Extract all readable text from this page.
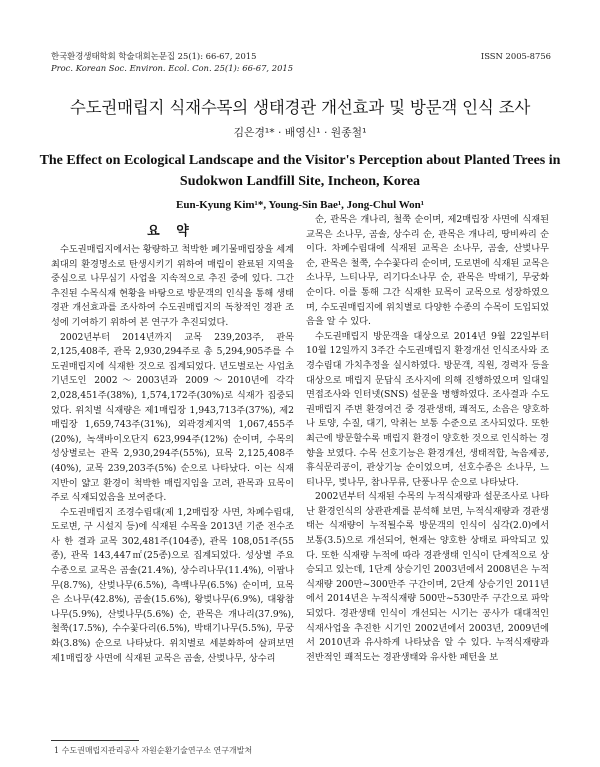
한국환경생태학회 학술대회논문집 25(1): 66-67, 2015	ISSN 2005-8756
Proc. Korean Soc. Environ. Ecol. Con. 25(1): 66-67, 2015
수도권매립지 식재수목의 생태경관 개선효과 및 방문객 인식 조사
김은경¹* · 배영신¹ · 원종철¹
The Effect on Ecological Landscape and the Visitor's Perception about Planted Trees in
Sudokwon Landfill Site, Incheon, Korea
Eun-Kyung Kim¹*, Young-Sin Bae¹, Jong-Chul Won¹
요 약

수도권매립지에서는 황량하고 척박한 폐기물매립장을 세계 최대의 환경명소로 탄생시키기 위하여 매립이 완료된 지역을 중심으로 나무심기 사업을 지속적으로 추진 중에 있다. 그간 추진된 수목식재 현황을 바탕으로 방문객의 인식을 통해 생태경관 개선효과를 조사하여 수도권매립지의 독창적인 경관 조성에 기여하기 위하여 본 연구가 추진되었다.

2002년부터 2014년까지 교목 239,203주, 관목 2,125,408주, 관목 2,930,294주로 총 5,294,905주를 수도권매립지에 식재한 것으로 집계되었다. 년도별로는 사업초기년도인 2002～2003년과 2009～2010년에 각각 2,028,451주(38%), 1,574,172주(30%)로 식재가 집중되었다. 위치별 식재량은 제1매립장 1,943,713주(37%), 제2매립장 1,659,743주(31%), 외곽경계지역 1,067,455주(20%), 녹색바이오단지 623,994주(12%) 순이며, 수목의 성상별로는 관목 2,930,294주(55%), 묘목 2,125,408주(40%), 교목 239,203주(5%) 순으로 나타났다. 이는 식재지반이 얇고 환경이 척박한 매립지임을 고려, 관목과 묘목이 주로 식재되었음을 보여준다.

수도권매립지 조경수림대(제 1,2매립장 사면, 차폐수림대, 도로변, 구 시설지 등)에 식재된 수목을 2013년 기준 전수조사 한 결과 교목 302,481주(104종), 관목 108,051주(55종), 관목 143,447㎡(25종)으로 집계되었다. 성상별 주요 수종으로 교목은 곰솔(21.4%), 상수리나무(11.4%), 이팝나무(8.7%), 산벚나무(6.5%), 측백나무(6.5%) 순이며, 묘목은 소나무(42.8%), 곰솔(15.6%), 왕벚나무(6.9%), 대왕참나무(5.9%), 산벚나무(5.6%) 순, 관목은 개나리(37.9%), 철쭉(17.5%), 수수꽃다리(6.5%), 박태기나무(5.5%), 무궁화(3.8%) 순으로 나타났다. 위치별로 세분화하여 살펴보면 제1매립장 사면에 식재된 교목은 곰솔, 산벚나무, 상수리

순, 관목은 개나리, 철쭉 순이며, 제2매립장 사면에 식재된 교목은 소나무, 곰솔, 상수리 순, 관목은 개나리, 땅비싸리 순이다. 차폐수림대에 식재된 교목은 소나무, 곰솔, 산벚나무 순, 관목은 철쭉, 수수꽃다리 순이며, 도로변에 식재된 교목은 소나무, 느티나무, 리기다소나무 순, 관목은 박태기, 무궁화 순이다. 이를 통해 그간 식재한 묘목이 교목으로 성장하였으며, 수도권매립지에 위치별로 다양한 수종의 수목이 도입되었음을 알 수 있다.

수도권매립지 방문객을 대상으로 2014년 9월 22일부터 10월 12일까지 3주간 수도권매립지 환경개선 인식조사와 조경수림대 가치추정을 실시하였다. 방문객, 직원, 경력자 등을 대상으로 매립지 문답식 조사지에 의해 진행하였으며 일대일 면접조사와 인터넷(SNS) 설문을 병행하였다. 조사결과 수도권매립지 주변 환경여건 중 경관생태, 쾌적도, 소음은 양호하나 토양, 수질, 대기, 악취는 보통 수준으로 조사되었다. 또한 최근에 방문할수록 매립지 환경이 양호한 것으로 인식하는 경향을 보였다. 수목 선호기능은 환경개선, 생태적합, 녹음제공, 휴식문리공이, 관상기능 순이었으며, 선호수종은 소나무, 느티나무, 벚나무, 참나무류, 단풍나무 순으로 나타났다.

2002년부터 식재된 수목의 누적식재량과 설문조사로 나타난 환경인식의 상관관계를 분석해 보면, 누적식재량과 경관생태는 식재량이 누적될수록 방문객의 인식이 심각(2.0)에서 보통(3.5)으로 개선되어, 현재는 양호한 상태로 파악되고 있다. 또한 식재량 누적에 따라 경관생태 인식이 단계적으로 상승되고 있는데, 1단계 상승기인 2003년에서 2008년은 누적식재량 200만~300만주 구간이며, 2단계 상승기인 2011년에서 2014년은 누적식재량 500만~530만주 구간으로 파악되었다. 경관생태 인식이 개선되는 시기는 공사가 대대적인 식재사업을 추진한 시기인 2002년에서 2003년, 2009년에서 2010년과 유사하게 나타났음 알 수 있다. 누적식재량과 전반적인 쾌적도는 경관생태와 유사한 패턴을 보

1 수도권매립지관리공사 자원순환기술연구소 연구개발처
